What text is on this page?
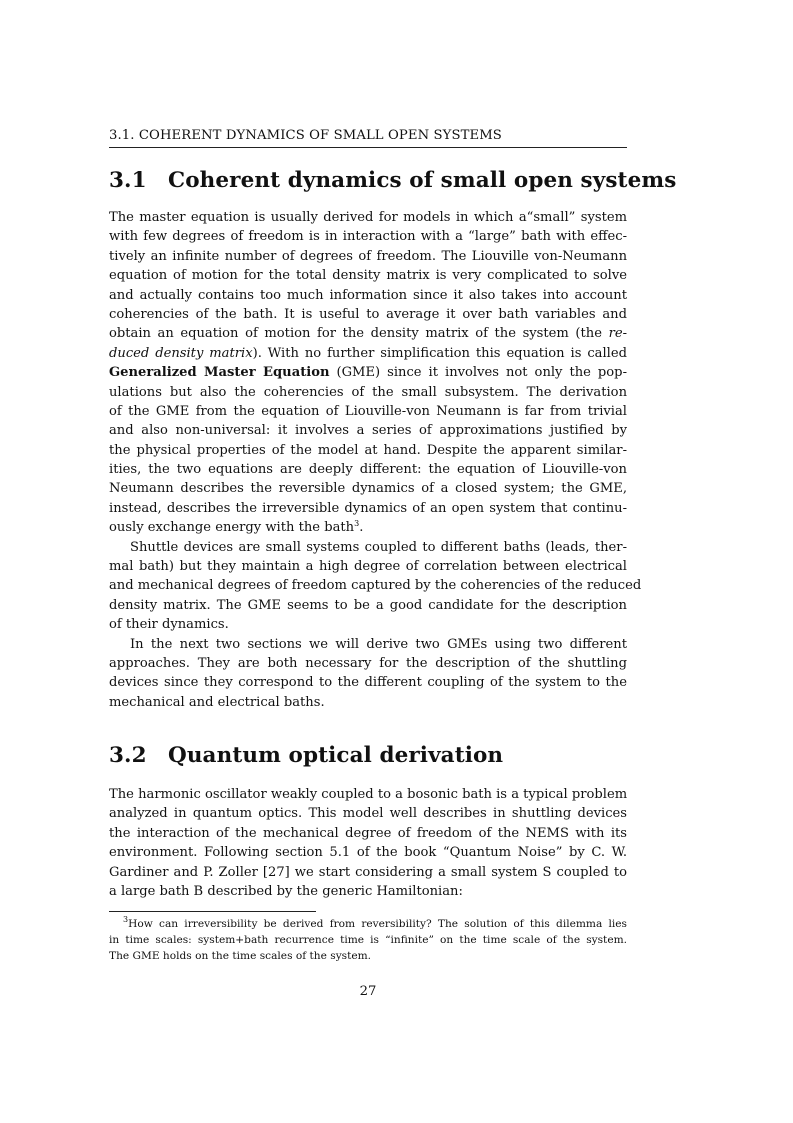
3.1. COHERENT DYNAMICS OF SMALL OPEN SYSTEMS
3.1 Coherent dynamics of small open systems
The master equation is usually derived for models in which a“small” system
with few degrees of freedom is in interaction with a “large” bath with effec-
tively an infinite number of degrees of freedom. The Liouville von-Neumann
equation of motion for the total density matrix is very complicated to solve
and actually contains too much information since it also takes into account
coherencies of the bath. It is useful to average it over bath variables and
obtain an equation of motion for the density matrix of the system (the re-
duced density matrix). With no further simplification this equation is called
Generalized Master Equation (GME) since it involves not only the pop-
ulations but also the coherencies of the small subsystem. The derivation
of the GME from the equation of Liouville-von Neumann is far from trivial
and also non-universal: it involves a series of approximations justified by
the physical properties of the model at hand. Despite the apparent similar-
ities, the two equations are deeply different: the equation of Liouville-von
Neumann describes the reversible dynamics of a closed system; the GME,
instead, describes the irreversible dynamics of an open system that continu-
ously exchange energy with the bath$^3$.
Shuttle devices are small systems coupled to different baths (leads, ther-
mal bath) but they maintain a high degree of correlation between electrical
and mechanical degrees of freedom captured by the coherencies of the reduced
density matrix. The GME seems to be a good candidate for the description
of their dynamics.
In the next two sections we will derive two GMEs using two different
approaches. They are both necessary for the description of the shuttling
devices since they correspond to the different coupling of the system to the
mechanical and electrical baths.
3.2 Quantum optical derivation
The harmonic oscillator weakly coupled to a bosonic bath is a typical problem
analyzed in quantum optics. This model well describes in shuttling devices
the interaction of the mechanical degree of freedom of the NEMS with its
environment. Following section 5.1 of the book “Quantum Noise” by C. W.
Gardiner and P. Zoller [27] we start considering a small system S coupled to
a large bath B described by the generic Hamiltonian:
$^3$How can irreversibility be derived from reversibility? The solution of this dilemma lies
in time scales: system+bath recurrence time is “infinite” on the time scale of the system.
The GME holds on the time scales of the system.
27
